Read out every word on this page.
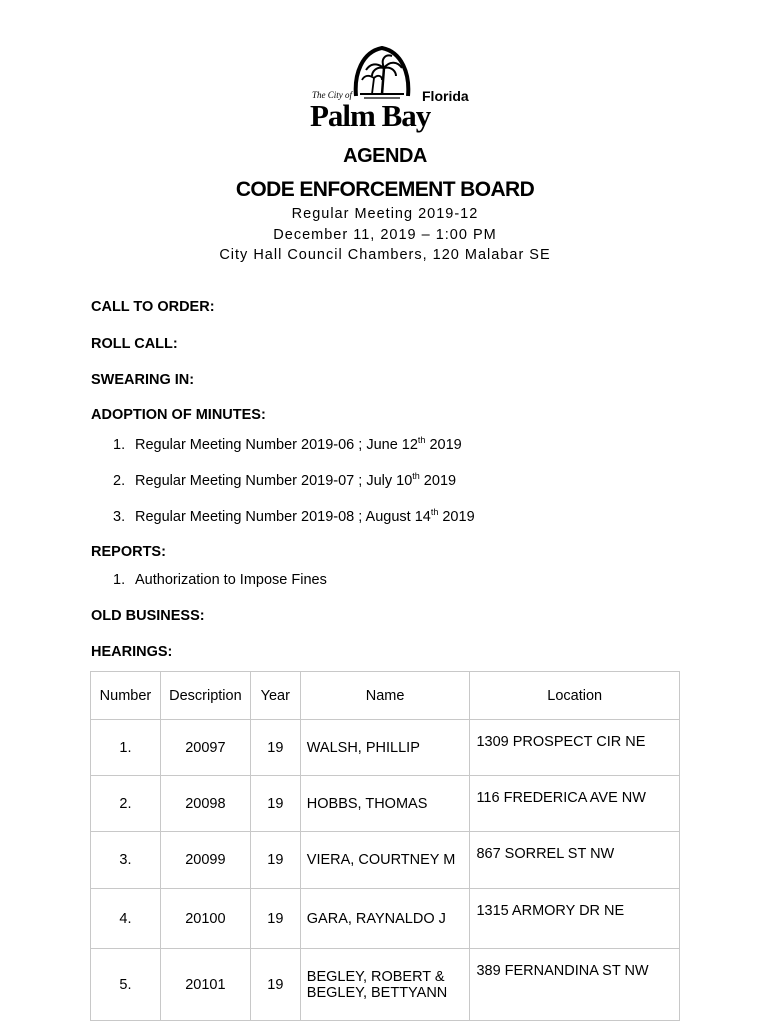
The City of	Florida
Palm Bay
AGENDA
CODE ENFORCEMENT BOARD
Regular Meeting 2019-12
December 11, 2019 – 1:00 PM
City Hall Council Chambers, 120 Malabar SE
CALL TO ORDER:
ROLL CALL:
SWEARING IN:
ADOPTION OF MINUTES:
1. Regular Meeting Number 2019-06 ; June 12th 2019
2. Regular Meeting Number 2019-07 ; July 10th 2019
3. Regular Meeting Number 2019-08 ; August 14th 2019
REPORTS:
1. Authorization to Impose Fines
OLD BUSINESS:
HEARINGS:
Number	Description	Year	Name	Location
1.	20097	19	WALSH, PHILLIP	1309 PROSPECT CIR NE
2.	20098	19	HOBBS, THOMAS	116 FREDERICA AVE NW
3.	20099	19	VIERA, COURTNEY M	867 SORREL ST NW
4.	20100	19	GARA, RAYNALDO J	1315 ARMORY DR NE
5.	20101	19	BEGLEY, ROBERT & BEGLEY, BETTYANN	389 FERNANDINA ST NW
